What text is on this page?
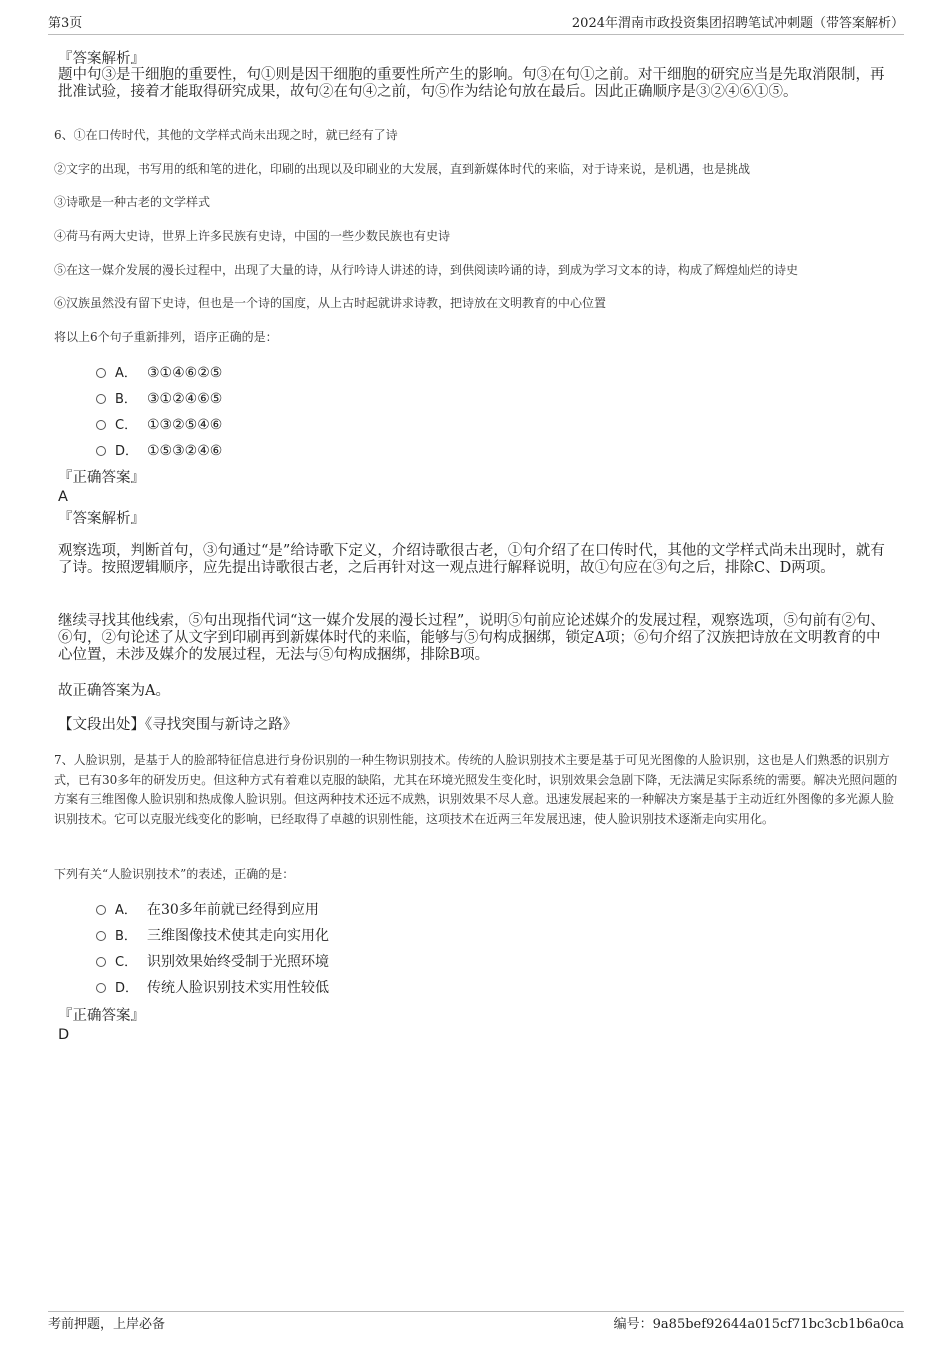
第3页	2024年渭南市政投资集团招聘笔试冲刺题（带答案解析）
『答案解析』
题中句③是干细胞的重要性，句①则是因干细胞的重要性所产生的影响。句③在句①之前。对干细胞的研究应当是先取消限制，再批准试验，接着才能取得研究成果，故句②在句④之前，句⑤作为结论句放在最后。因此正确顺序是③②④⑥①⑤。
6、①在口传时代，其他的文学样式尚未出现之时，就已经有了诗
②文字的出现，书写用的纸和笔的进化，印刷的出现以及印刷业的大发展，直到新媒体时代的来临，对于诗来说，是机遇，也是挑战
③诗歌是一种古老的文学样式
④荷马有两大史诗，世界上许多民族有史诗，中国的一些少数民族也有史诗
⑤在这一媒介发展的漫长过程中，出现了大量的诗，从行吟诗人讲述的诗，到供阅读吟诵的诗，到成为学习文本的诗，构成了辉煌灿烂的诗史
⑥汉族虽然没有留下史诗，但也是一个诗的国度，从上古时起就讲求诗教，把诗放在文明教育的中心位置
将以上6个句子重新排列，语序正确的是：
A． ③①④⑥②⑤
B． ③①②④⑥⑤
C． ①③②⑤④⑥
D． ①⑤③②④⑥
『正确答案』
A
『答案解析』
观察选项，判断首句，③句通过“是”给诗歌下定义，介绍诗歌很古老，①句介绍了在口传时代，其他的文学样式尚未出现时，就有了诗。按照逻辑顺序，应先提出诗歌很古老，之后再针对这一观点进行解释说明，故①句应在③句之后，排除C、D两项。
继续寻找其他线索，⑤句出现指代词“这一媒介发展的漫长过程”，说明⑤句前应论述媒介的发展过程，观察选项，⑤句前有②句、⑥句，②句论述了从文字到印刷再到新媒体时代的来临，能够与⑤句构成捆绑，锁定A项；⑥句介绍了汉族把诗放在文明教育的中心位置，未涉及媒介的发展过程，无法与⑤句构成捆绑，排除B项。
故正确答案为A。
【文段出处】《寻找突围与新诗之路》
7、人脸识别，是基于人的脸部特征信息进行身份识别的一种生物识别技术。传统的人脸识别技术主要是基于可见光图像的人脸识别，这也是人们熟悉的识别方式，已有30多年的研发历史。但这种方式有着难以克服的缺陷，尤其在环境光照发生变化时，识别效果会急剧下降，无法满足实际系统的需要。解决光照问题的方案有三维图像人脸识别和热成像人脸识别。但这两种技术还远不成熟，识别效果不尽人意。迅速发展起来的一种解决方案是基于主动近红外图像的多光源人脸识别技术。它可以克服光线变化的影响，已经取得了卓越的识别性能，这项技术在近两三年发展迅速，使人脸识别技术逐渐走向实用化。
下列有关“人脸识别技术”的表述，正确的是：
A． 在30多年前就已经得到应用
B． 三维图像技术使其走向实用化
C． 识别效果始终受制于光照环境
D． 传统人脸识别技术实用性较低
『正确答案』
D
考前押题，上岸必备	编号：9a85bef92644a015cf71bc3cb1b6a0ca
